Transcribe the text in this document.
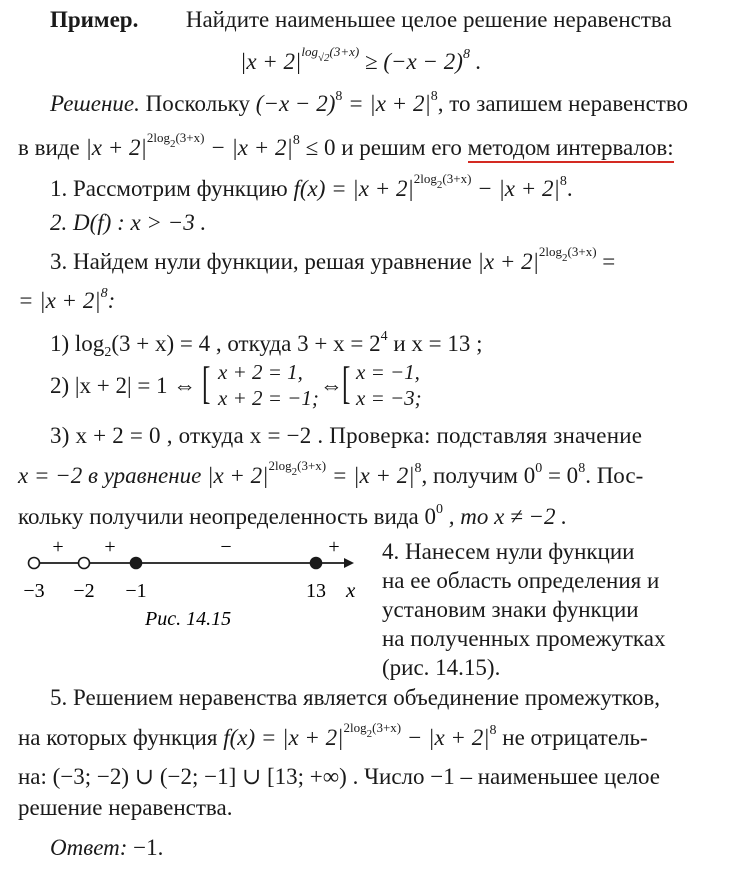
Пример. Найдите наименьшее целое решение неравенства
$|x + 2|^{log_{√2}(3+x)} \ge (-x - 2)^8$ .
Решение. Поскольку $(-x - 2)^8 = |x + 2|^8$, то запишем неравенство
в виде $|x + 2|^{2log_2(3+x)} - |x + 2|^8 \le 0$ и решим его методом интервалов:
1. Рассмотрим функцию $f(x) = |x + 2|^{2log_2(3+x)} - |x + 2|^8$.
2. D(f) : x > −3 .
3. Найдем нули функции, решая уравнение $|x + 2|^{2log_2(3+x)}$ =
= $|x + 2|^8$:
1) $\log_2(3 + x) = 4$ , откуда $3 + x = 2^4$ и x = 13 ;
2) |x + 2| = 1 ⇔ [ x + 2 = 1,
x + 2 = −1; ⇔ [ x = −1,
x = −3;
3) x + 2 = 0 , откуда x = −2 . Проверка: подставляя значение
x = −2 в уравнение $|x + 2|^{2log_2(3+x)} = |x + 2|^8$, получим $0^0 = 0^8$. Пос-
кольку получили неопределенность вида $0^0$ , то x ≠ −2 .
−3 −2 −1	13
+ +	−	+
x
Рис. 14.15
4. Нанесем нули функции
на ее область определения и
установим знаки функции
на полученных промежутках
(рис. 14.15).
5. Решением неравенства является объединение промежутков,
на которых функция $f(x) = |x + 2|^{2log_2(3+x)} - |x + 2|^8$ не отрицатель-
на: (−3; −2) ∪ (−2; −1] ∪ [13; +∞) . Число −1 – наименьшее целое
решение неравенства.
Ответ: −1.
